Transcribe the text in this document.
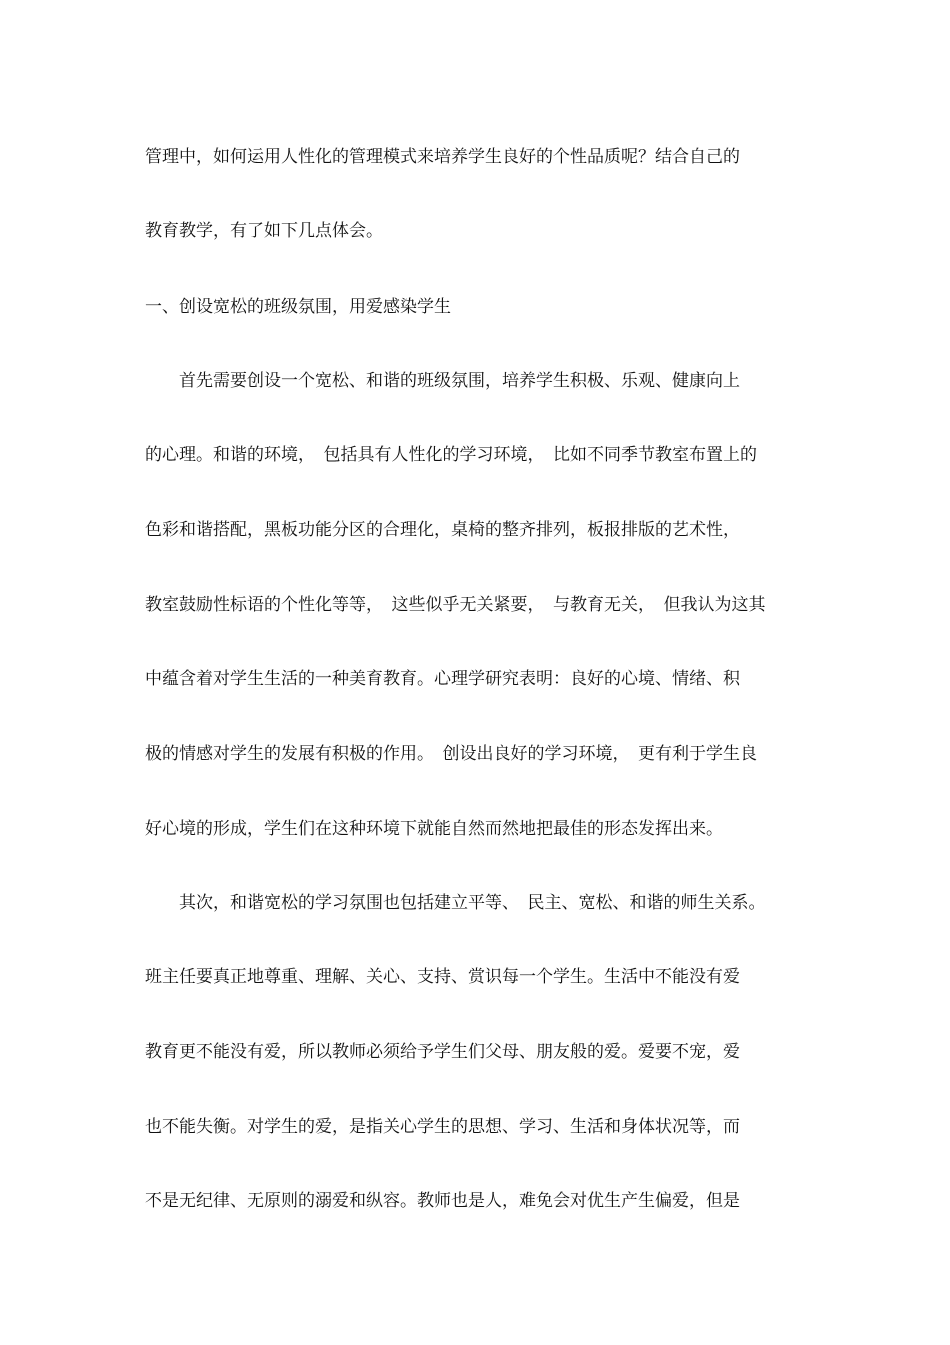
管理中，如何运用人性化的管理模式来培养学生良好的个性品质呢？结合自己的

教育教学，有了如下几点体会。

一、创设宽松的班级氛围，用爱感染学生

　　首先需要创设一个宽松、和谐的班级氛围，培养学生积极、乐观、健康向上

的心理。和谐的环境，　包括具有人性化的学习环境，　比如不同季节教室布置上的

色彩和谐搭配，黑板功能分区的合理化，桌椅的整齐排列，板报排版的艺术性，

教室鼓励性标语的个性化等等，　这些似乎无关紧要，　与教育无关，　但我认为这其

中蕴含着对学生生活的一种美育教育。心理学研究表明：良好的心境、情绪、积

极的情感对学生的发展有积极的作用。　创设出良好的学习环境，　更有利于学生良

好心境的形成，学生们在这种环境下就能自然而然地把最佳的形态发挥出来。

　　其次，和谐宽松的学习氛围也包括建立平等、　民主、宽松、和谐的师生关系。

班主任要真正地尊重、理解、关心、支持、赏识每一个学生。生活中不能没有爱

教育更不能没有爱，所以教师必须给予学生们父母、朋友般的爱。爱要不宠，爱

也不能失衡。对学生的爱，是指关心学生的思想、学习、生活和身体状况等，而

不是无纪律、无原则的溺爱和纵容。教师也是人，难免会对优生产生偏爱，但是
